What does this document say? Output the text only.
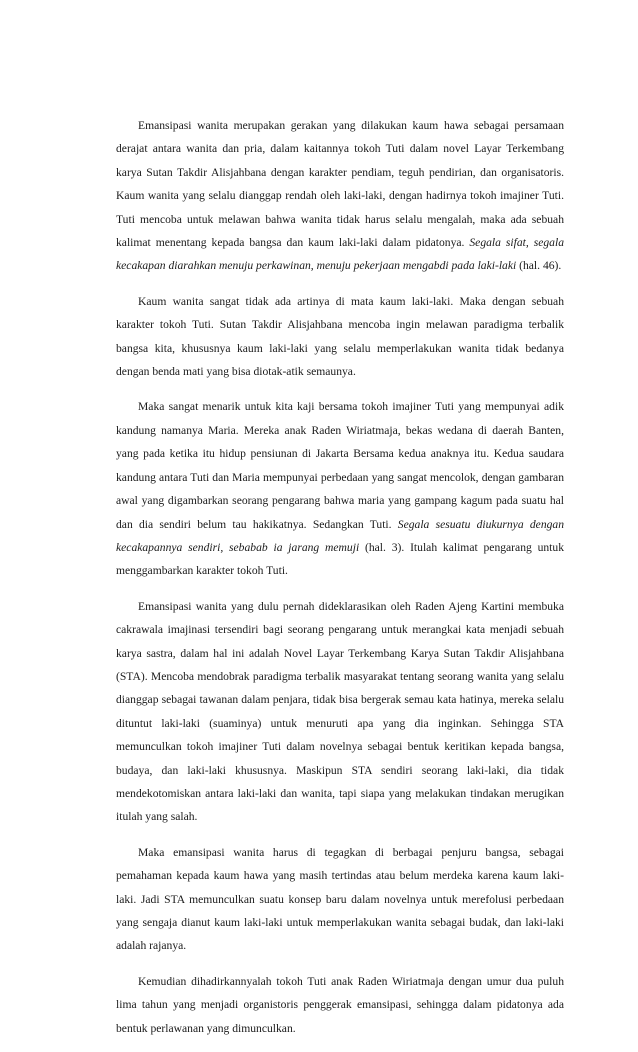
Emansipasi wanita merupakan gerakan yang dilakukan kaum hawa sebagai persamaan derajat antara wanita dan pria, dalam kaitannya tokoh Tuti dalam novel Layar Terkembang karya Sutan Takdir Alisjahbana dengan karakter pendiam, teguh pendirian, dan organisatoris. Kaum wanita yang selalu dianggap rendah oleh laki-laki, dengan hadirnya tokoh imajiner Tuti. Tuti mencoba untuk melawan bahwa wanita tidak harus selalu mengalah, maka ada sebuah kalimat menentang kepada bangsa dan kaum laki-laki dalam pidatonya. Segala sifat, segala kecakapan diarahkan menuju perkawinan, menuju pekerjaan mengabdi pada laki-laki (hal. 46).

Kaum wanita sangat tidak ada artinya di mata kaum laki-laki. Maka dengan sebuah karakter tokoh Tuti. Sutan Takdir Alisjahbana mencoba ingin melawan paradigma terbalik bangsa kita, khususnya kaum laki-laki yang selalu memperlakukan wanita tidak bedanya dengan benda mati yang bisa diotak-atik semaunya.

Maka sangat menarik untuk kita kaji bersama tokoh imajiner Tuti yang mempunyai adik kandung namanya Maria. Mereka anak Raden Wiriatmaja, bekas wedana di daerah Banten, yang pada ketika itu hidup pensiunan di Jakarta Bersama kedua anaknya itu. Kedua saudara kandung antara Tuti dan Maria mempunyai perbedaan yang sangat mencolok, dengan gambaran awal yang digambarkan seorang pengarang bahwa maria yang gampang kagum pada suatu hal dan dia sendiri belum tau hakikatnya. Sedangkan Tuti. Segala sesuatu diukurnya dengan kecakapannya sendiri, sebabab ia jarang memuji (hal. 3). Itulah kalimat pengarang untuk menggambarkan karakter tokoh Tuti.

Emansipasi wanita yang dulu pernah dideklarasikan oleh Raden Ajeng Kartini membuka cakrawala imajinasi tersendiri bagi seorang pengarang untuk merangkai kata menjadi sebuah karya sastra, dalam hal ini adalah Novel Layar Terkembang Karya Sutan Takdir Alisjahbana (STA). Mencoba mendobrak paradigma terbalik masyarakat tentang seorang wanita yang selalu dianggap sebagai tawanan dalam penjara, tidak bisa bergerak semau kata hatinya, mereka selalu dituntut laki-laki (suaminya) untuk menuruti apa yang dia inginkan. Sehingga STA memunculkan tokoh imajiner Tuti dalam novelnya sebagai bentuk keritikan kepada bangsa, budaya, dan laki-laki khususnya. Maskipun STA sendiri seorang laki-laki, dia tidak mendekotomiskan antara laki-laki dan wanita, tapi siapa yang melakukan tindakan merugikan itulah yang salah.

Maka emansipasi wanita harus di tegagkan di berbagai penjuru bangsa, sebagai pemahaman kepada kaum hawa yang masih tertindas atau belum merdeka karena kaum laki-laki. Jadi STA memunculkan suatu konsep baru dalam novelnya untuk merefolusi perbedaan yang sengaja dianut kaum laki-laki untuk memperlakukan wanita sebagai budak, dan laki-laki adalah rajanya.

Kemudian dihadirkannyalah tokoh Tuti anak Raden Wiriatmaja dengan umur dua puluh lima tahun yang menjadi organistoris penggerak emansipasi, sehingga dalam pidatonya ada bentuk perlawanan yang dimunculkan.
